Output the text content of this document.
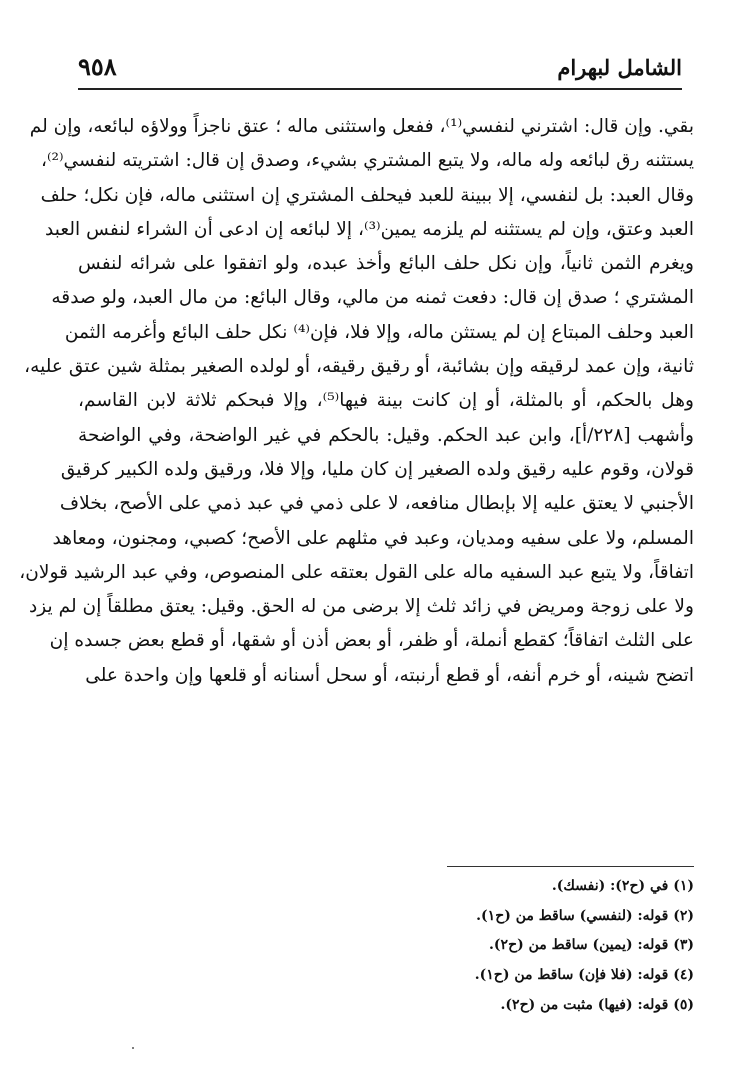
٩٥٨	الشامل لبهرام
بقي. وإن قال: اشترني لنفسي⁽¹⁾، ففعل واستثنى ماله ؛ عتق ناجزاً وولاؤه لبائعه، وإن لم
يستثنه رق لبائعه وله ماله، ولا يتبع المشتري بشيء، وصدق إن قال: اشتريته لنفسي⁽²⁾،
وقال العبد: بل لنفسي، إلا ببينة للعبد فيحلف المشتري إن استثنى ماله، فإن نكل؛ حلف
العبد وعتق، وإن لم يستثنه لم يلزمه يمين⁽³⁾، إلا لبائعه إن ادعى أن الشراء لنفس العبد
ويغرم الثمن ثانياً، وإن نكل حلف البائع وأخذ عبده، ولو اتفقوا على شرائه لنفس
المشتري ؛ صدق إن قال: دفعت ثمنه من مالي، وقال البائع: من مال العبد، ولو صدقه
العبد وحلف المبتاع إن لم يستثن ماله، وإلا فلا، فإن⁽⁴⁾ نكل حلف البائع وأغرمه الثمن
ثانية، وإن عمد لرقيقه وإن بشائبة، أو رقيق رقيقه، أو لولده الصغير بمثلة شين عتق عليه،
وهل بالحكم، أو بالمثلة، أو إن كانت بينة فيها⁽⁵⁾، وإلا فبحكم ثلاثة لابن القاسم،
وأشهب [٢٢٨/أ]، وابن عبد الحكم. وقيل: بالحكم في غير الواضحة، وفي الواضحة
قولان، وقوم عليه رقيق ولده الصغير إن كان مليا، وإلا فلا، ورقيق ولده الكبير كرقيق
الأجنبي لا يعتق عليه إلا بإبطال منافعه، لا على ذمي في عبد ذمي على الأصح، بخلاف
المسلم، ولا على سفيه ومديان، وعبد في مثلهم على الأصح؛ كصبي، ومجنون، ومعاهد
اتفاقاً، ولا يتبع عبد السفيه ماله على القول بعتقه على المنصوص، وفي عبد الرشيد قولان،
ولا على زوجة ومريض في زائد ثلث إلا برضى من له الحق. وقيل: يعتق مطلقاً إن لم يزد
على الثلث اتفاقاً؛ كقطع أنملة، أو ظفر، أو بعض أذن أو شقها، أو قطع بعض جسده إن
اتضح شينه، أو خرم أنفه، أو قطع أرنبته، أو سحل أسنانه أو قلعها وإن واحدة على
(١) في (ح٢): (نفسك).
(٢) قوله: (لنفسي) ساقط من (ح١).
(٣) قوله: (يمين) ساقط من (ح٢).
(٤) قوله: (فلا فإن) ساقط من (ح١).
(٥) قوله: (فيها) مثبت من (ح٢).
